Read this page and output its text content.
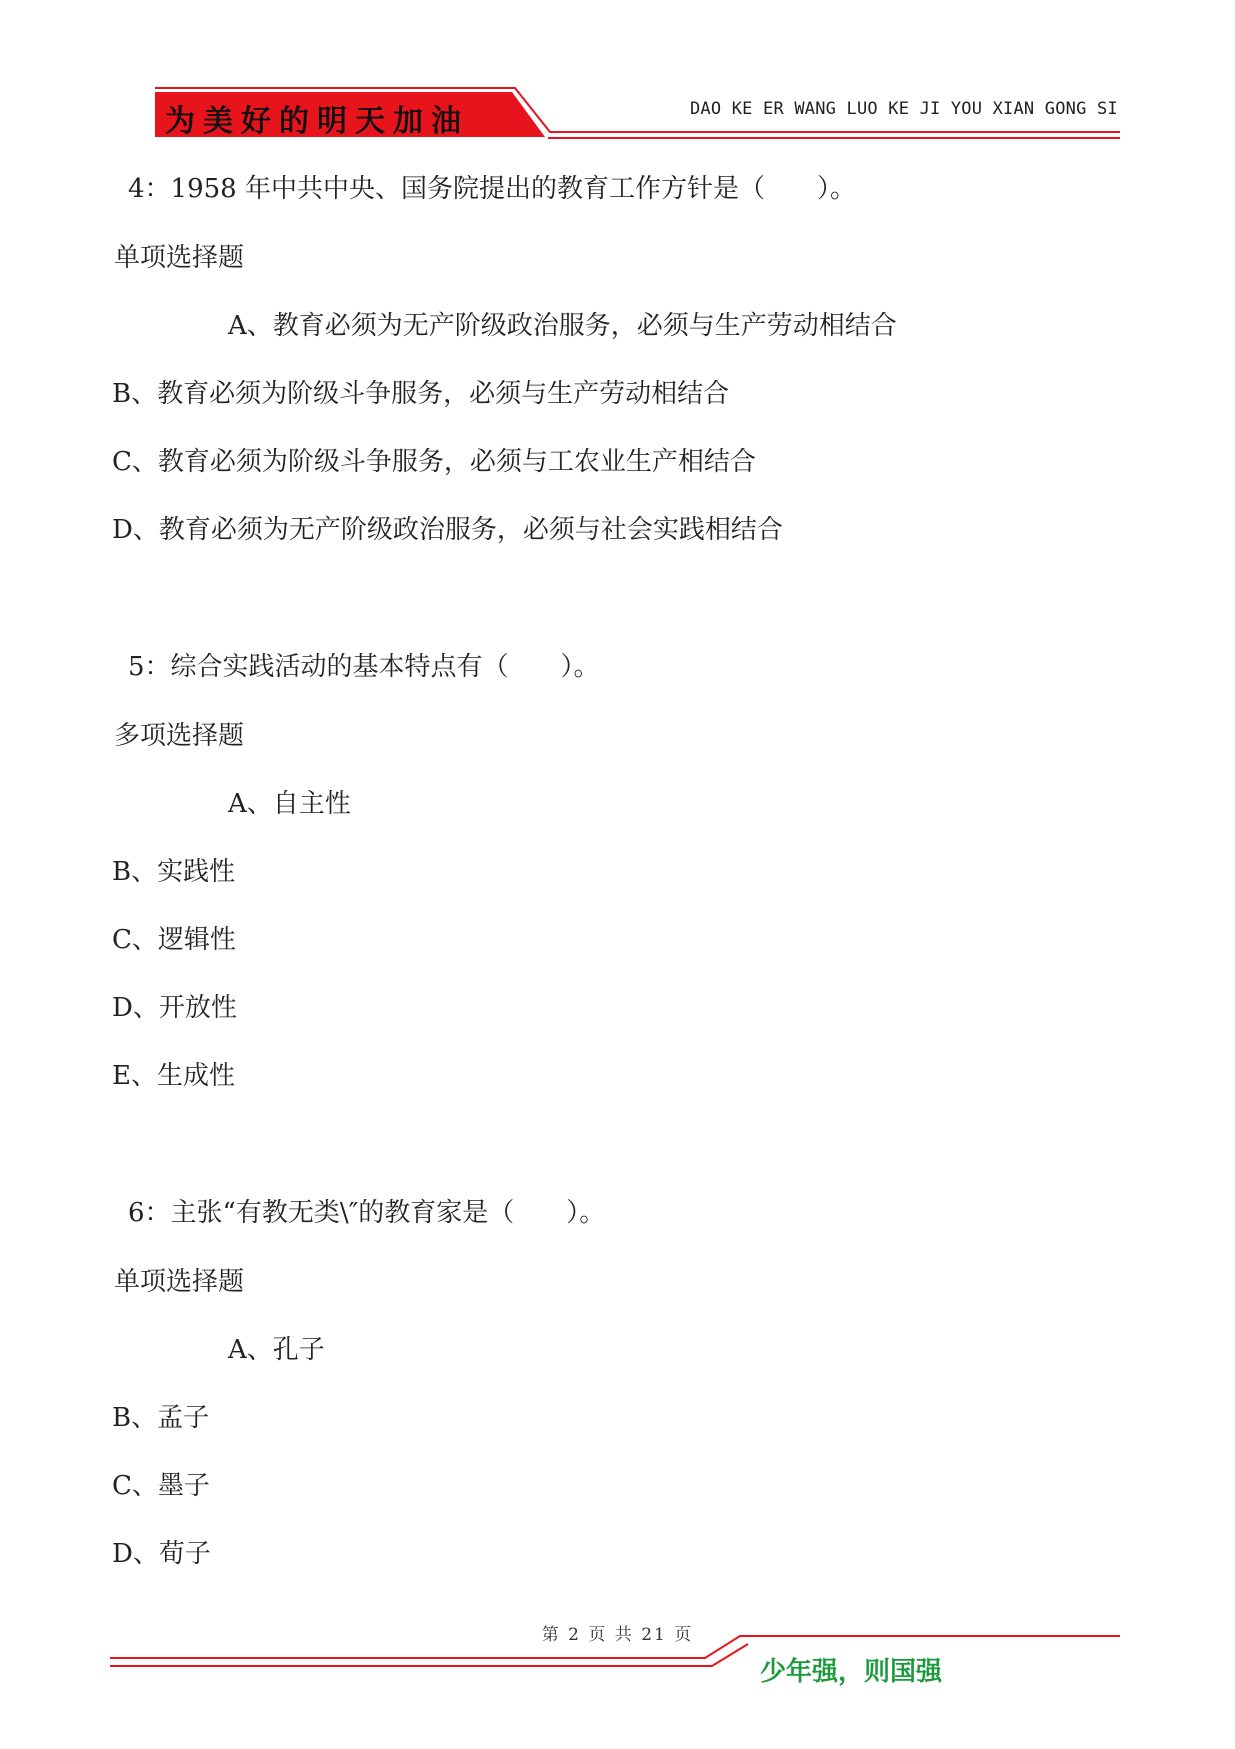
为美好的明天加油	DAO KE ER WANG LUO KE JI YOU XIAN GONG SI
4：1958 年中共中央、国务院提出的教育工作方针是（　　）。
单项选择题
A、教育必须为无产阶级政治服务，必须与生产劳动相结合
B、教育必须为阶级斗争服务，必须与生产劳动相结合
C、教育必须为阶级斗争服务，必须与工农业生产相结合
D、教育必须为无产阶级政治服务，必须与社会实践相结合
5：综合实践活动的基本特点有（　　）。
多项选择题
A、自主性
B、实践性
C、逻辑性
D、开放性
E、生成性
6：主张“有教无类\″的教育家是（　　）。
单项选择题
A、孔子
B、孟子
C、墨子
D、荀子
第 2 页 共 21 页
少年强，则国强
